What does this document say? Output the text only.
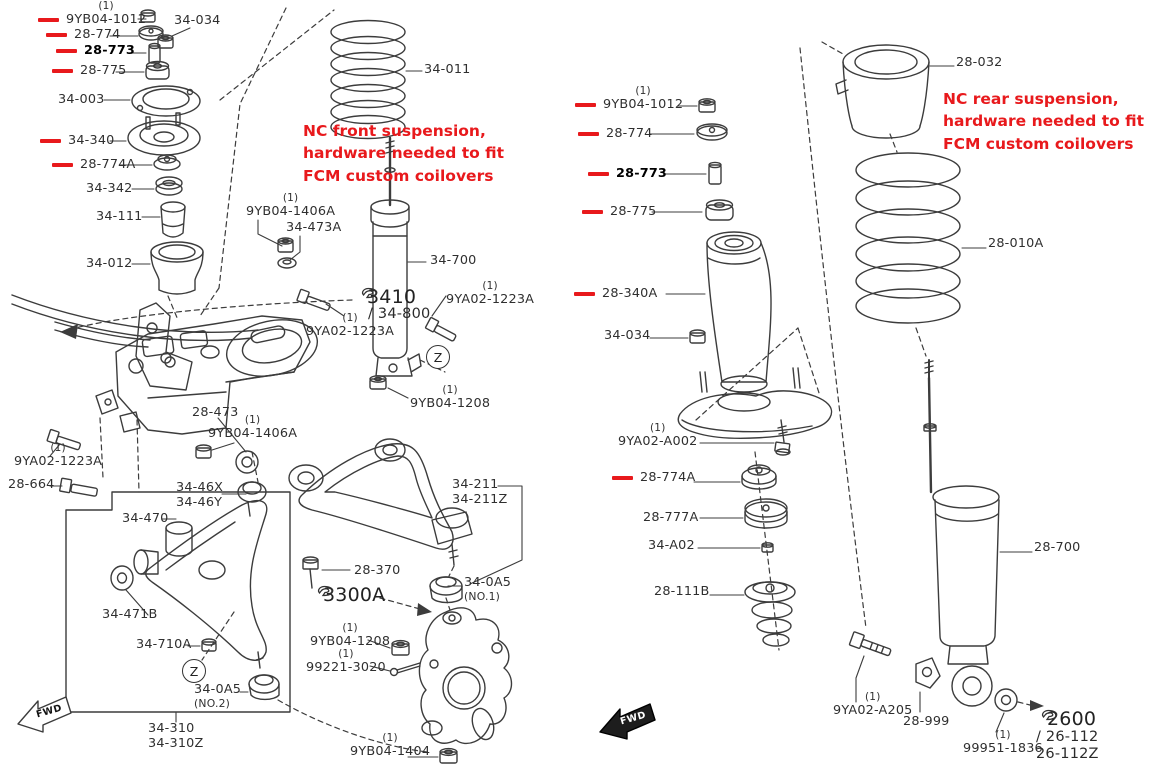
(1)
9YB04-1012
28-774
28-773
28-775
34-003
34-340
28-774A
34-342
34-111
34-012
34-034
34-011
3410
/ 34-800
(1)
9YB04-1406A
34-473A
34-700
(1)
9YA02-1223A
(1)
9YA02-1223A
(1)
9YB04-1208
28-473 (1)
9YB04-1406A
(1)
9YA02-1223A
28-664	34-46X
34-46Y
34-470
34-471B
34-710A
34-0A5
(NO.2)
34-310
34-310Z
34-211
34-211Z
28-370
3300A
34-0A5
(NO.1)
(1)
9YB04-1208
(1)
99221-3020
(1)
9YB04-1404
(1)
9YB04-1012
28-774
28-773
28-775
28-032
28-340A
34-034
28-010A
(1)
9YA02-A002
28-774A
28-777A
34-A02
28-111B
28-700
(1)
9YA02-A205
28-999
(1)
99951-1836
2600
/ 26-112
26-112Z
NC front suspension,
hardware needed to fit
FCM custom coilovers
NC rear suspension,
hardware needed to fit
FCM custom coilovers
Z
Z
FWD	FWD
